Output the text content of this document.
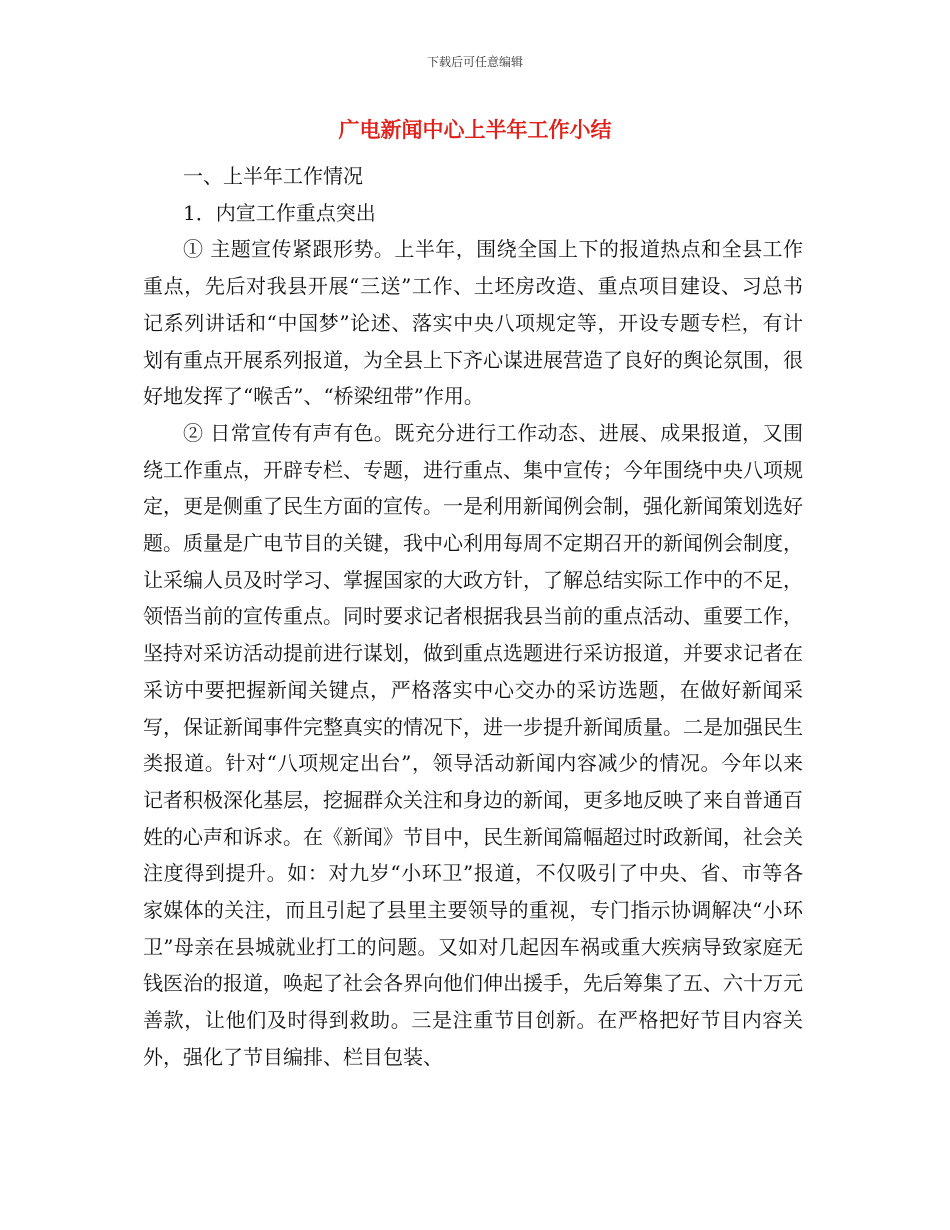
下载后可任意编辑
广电新闻中心上半年工作小结

一、上半年工作情况

1．内宣工作重点突出

① 主题宣传紧跟形势。上半年，围绕全国上下的报道热点和全县工作重点，先后对我县开展“三送”工作、土坯房改造、重点项目建设、习总书记系列讲话和“中国梦”论述、落实中央八项规定等，开设专题专栏，有计划有重点开展系列报道，为全县上下齐心谋进展营造了良好的舆论氛围，很好地发挥了“喉舌”、“桥梁纽带”作用。

② 日常宣传有声有色。既充分进行工作动态、进展、成果报道，又围绕工作重点，开辟专栏、专题，进行重点、集中宣传；今年围绕中央八项规定，更是侧重了民生方面的宣传。一是利用新闻例会制，强化新闻策划选好题。质量是广电节目的关键，我中心利用每周不定期召开的新闻例会制度，让采编人员及时学习、掌握国家的大政方针，了解总结实际工作中的不足，领悟当前的宣传重点。同时要求记者根据我县当前的重点活动、重要工作，坚持对采访活动提前进行谋划，做到重点选题进行采访报道，并要求记者在采访中要把握新闻关键点，严格落实中心交办的采访选题，在做好新闻采写，保证新闻事件完整真实的情况下，进一步提升新闻质量。二是加强民生类报道。针对“八项规定出台”，领导活动新闻内容减少的情况。今年以来记者积极深化基层，挖掘群众关注和身边的新闻，更多地反映了来自普通百姓的心声和诉求。在《新闻》节目中，民生新闻篇幅超过时政新闻，社会关注度得到提升。如：对九岁“小环卫”报道，不仅吸引了中央、省、市等各家媒体的关注，而且引起了县里主要领导的重视，专门指示协调解决“小环卫”母亲在县城就业打工的问题。又如对几起因车祸或重大疾病导致家庭无钱医治的报道，唤起了社会各界向他们伸出援手，先后筹集了五、六十万元善款，让他们及时得到救助。三是注重节目创新。在严格把好节目内容关外，强化了节目编排、栏目包装、
